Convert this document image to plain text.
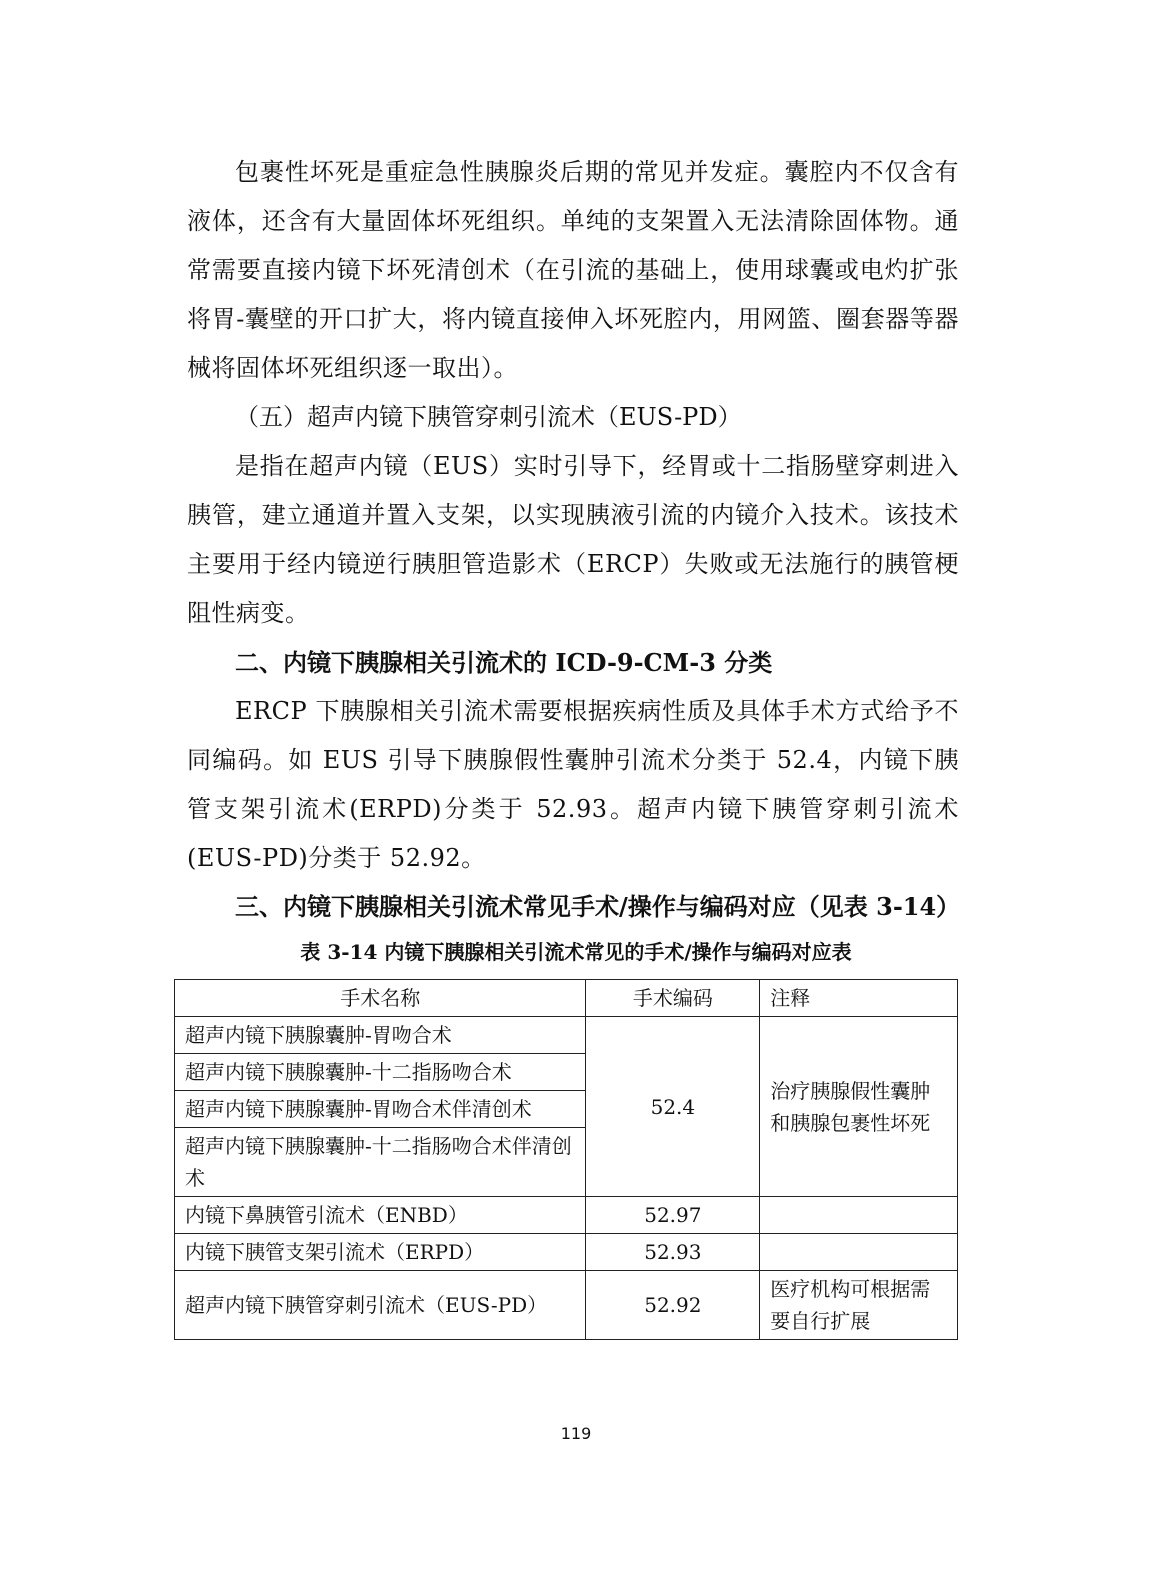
包裹性坏死是重症急性胰腺炎后期的常见并发症。囊腔内不仅含有液体，还含有大量固体坏死组织。单纯的支架置入无法清除固体物。通常需要直接内镜下坏死清创术（在引流的基础上，使用球囊或电灼扩张将胃-囊壁的开口扩大，将内镜直接伸入坏死腔内，用网篮、圈套器等器械将固体坏死组织逐一取出）。

（五）超声内镜下胰管穿刺引流术（EUS-PD）

是指在超声内镜（EUS）实时引导下，经胃或十二指肠壁穿刺进入胰管，建立通道并置入支架，以实现胰液引流的内镜介入技术。该技术主要用于经内镜逆行胰胆管造影术（ERCP）失败或无法施行的胰管梗阻性病变。

二、内镜下胰腺相关引流术的 ICD-9-CM-3 分类

ERCP 下胰腺相关引流术需要根据疾病性质及具体手术方式给予不同编码。如 EUS 引导下胰腺假性囊肿引流术分类于 52.4，内镜下胰管支架引流术(ERPD)分类于 52.93。超声内镜下胰管穿刺引流术(EUS-PD)分类于 52.92。

三、内镜下胰腺相关引流术常见手术/操作与编码对应（见表 3-14）

表 3-14 内镜下胰腺相关引流术常见的手术/操作与编码对应表
手术名称	手术编码	注释
超声内镜下胰腺囊肿-胃吻合术	52.4	治疗胰腺假性囊肿和胰腺包裹性坏死
超声内镜下胰腺囊肿-十二指肠吻合术		
超声内镜下胰腺囊肿-胃吻合术伴清创术		
超声内镜下胰腺囊肿-十二指肠吻合术伴清创术		
内镜下鼻胰管引流术（ENBD）	52.97	
内镜下胰管支架引流术（ERPD）	52.93	
超声内镜下胰管穿刺引流术（EUS-PD）	52.92	医疗机构可根据需要自行扩展
119
